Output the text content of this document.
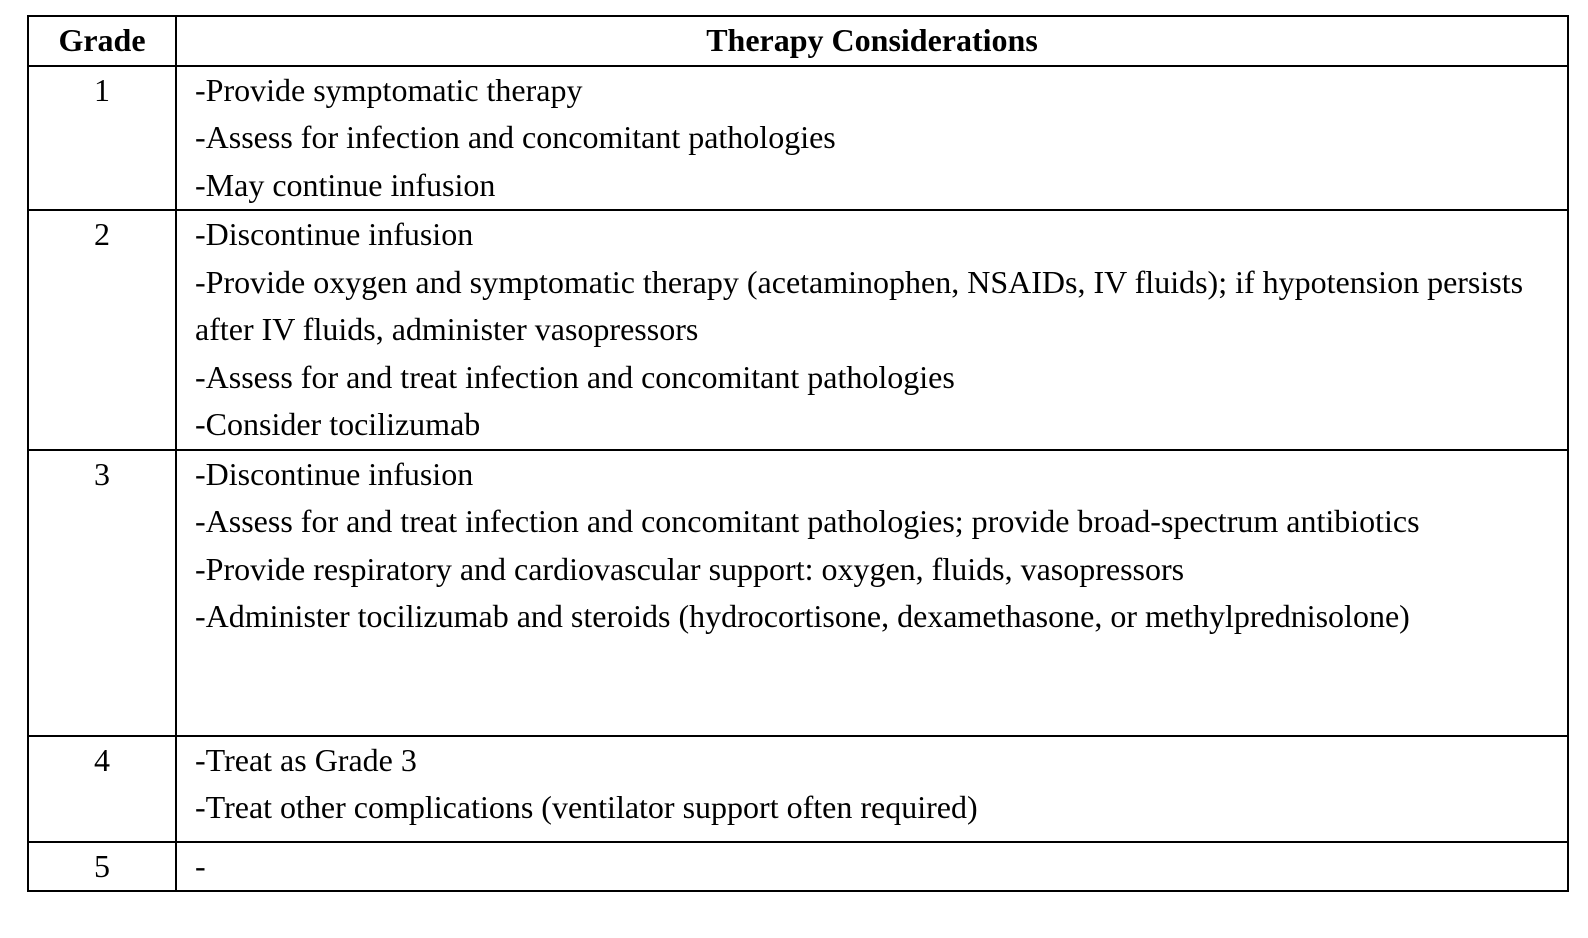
Grade	Therapy Considerations
1	-Provide symptomatic therapy
-Assess for infection and concomitant pathologies
-May continue infusion

2	-Discontinue infusion
-Provide oxygen and symptomatic therapy (acetaminophen, NSAIDs, IV fluids); if hypotension persists after IV fluids, administer vasopressors
-Assess for and treat infection and concomitant pathologies
-Consider tocilizumab

3	-Discontinue infusion
-Assess for and treat infection and concomitant pathologies; provide broad-spectrum antibiotics
-Provide respiratory and cardiovascular support: oxygen, fluids, vasopressors
-Administer tocilizumab and steroids (hydrocortisone, dexamethasone, or methylprednisolone)

4	-Treat as Grade 3
-Treat other complications (ventilator support often required)

5	-
